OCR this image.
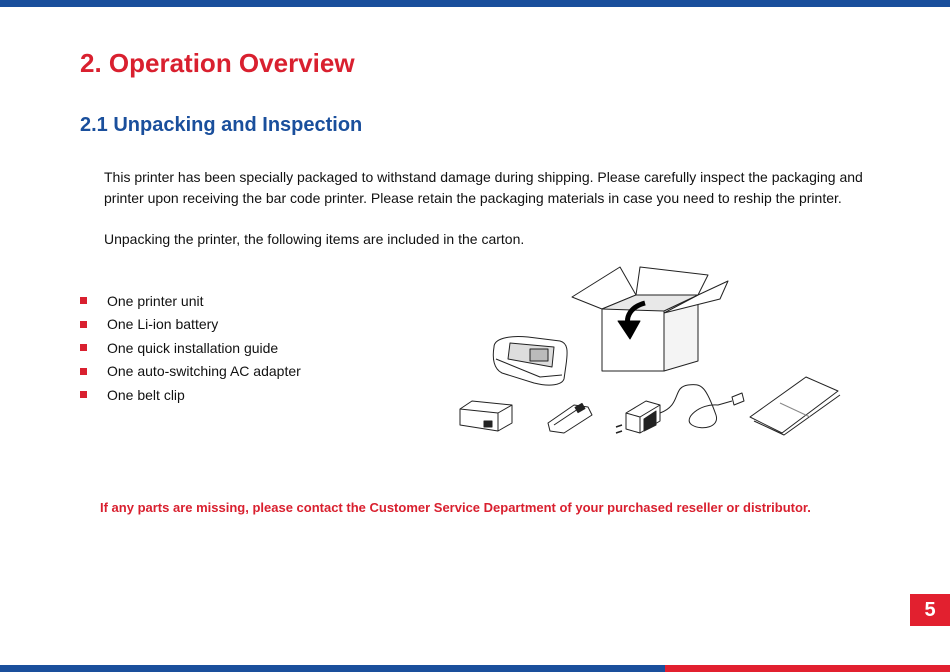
2. Operation Overview
2.1 Unpacking and Inspection

This printer has been specially packaged to withstand damage during shipping. Please carefully inspect the packaging and printer upon receiving the bar code printer. Please retain the packaging materials in case you need to reship the printer.

Unpacking the printer, the following items are included in the carton.

One printer unit
One Li-ion battery
One quick installation guide
One auto-switching AC adapter
One belt clip

If any parts are missing, please contact the Customer Service Department of your purchased reseller or distributor.

5
